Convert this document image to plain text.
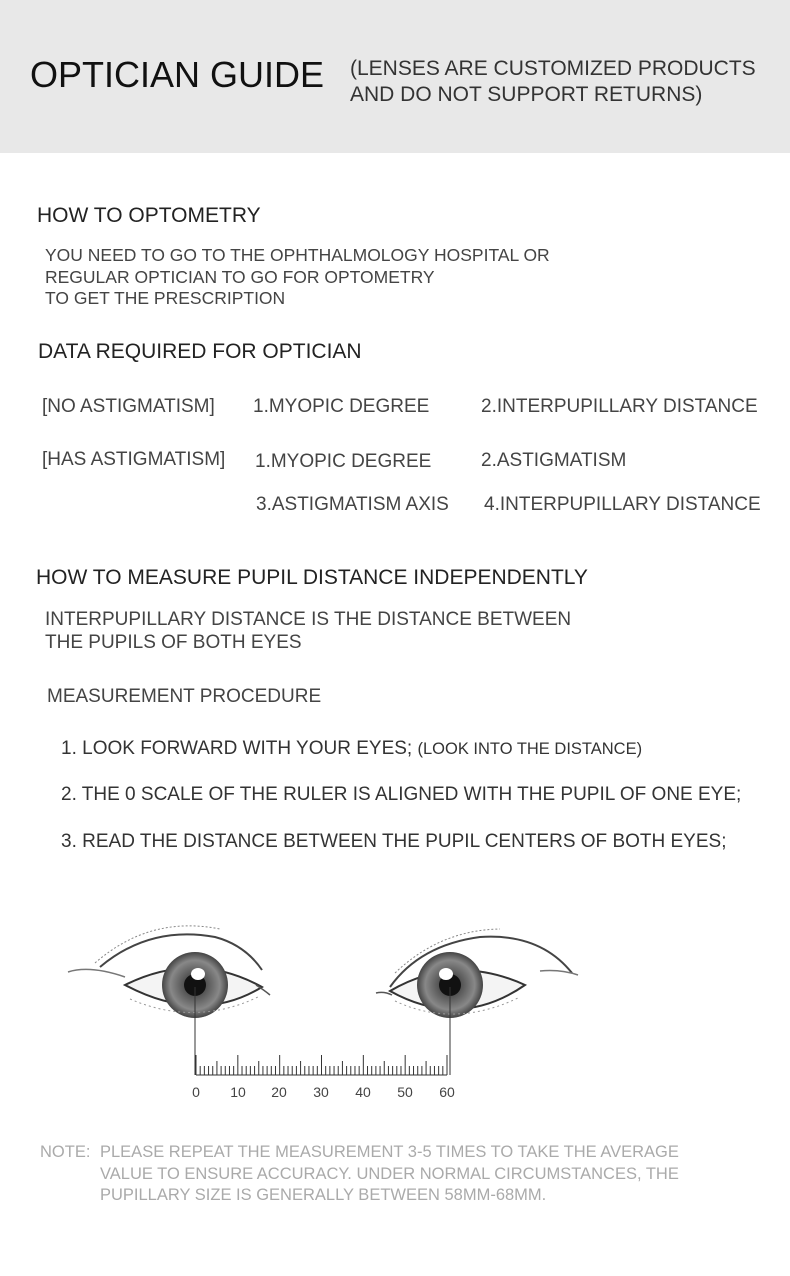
OPTICIAN GUIDE (LENSES ARE CUSTOMIZED PRODUCTS
AND DO NOT SUPPORT RETURNS)
HOW TO OPTOMETRY
YOU NEED TO GO TO THE OPHTHALMOLOGY HOSPITAL OR
REGULAR OPTICIAN TO GO FOR OPTOMETRY
TO GET THE PRESCRIPTION
DATA REQUIRED FOR OPTICIAN
[NO ASTIGMATISM] 1.MYOPIC DEGREE	2.INTERPUPILLARY DISTANCE
[HAS ASTIGMATISM] 1.MYOPIC DEGREE	2.ASTIGMATISM
3.ASTIGMATISM AXIS 4.INTERPUPILLARY DISTANCE
HOW TO MEASURE PUPIL DISTANCE INDEPENDENTLY
INTERPUPILLARY DISTANCE IS THE DISTANCE BETWEEN
THE PUPILS OF BOTH EYES
MEASUREMENT PROCEDURE
1. LOOK FORWARD WITH YOUR EYES; (LOOK INTO THE DISTANCE)
2. THE 0 SCALE OF THE RULER IS ALIGNED WITH THE PUPIL OF ONE EYE;
3. READ THE DISTANCE BETWEEN THE PUPIL CENTERS OF BOTH EYES;
0 10 20 30 40 50 60
NOTE: PLEASE REPEAT THE MEASUREMENT 3-5 TIMES TO TAKE THE AVERAGE
VALUE TO ENSURE ACCURACY. UNDER NORMAL CIRCUMSTANCES, THE
PUPILLARY SIZE IS GENERALLY BETWEEN 58MM-68MM.
